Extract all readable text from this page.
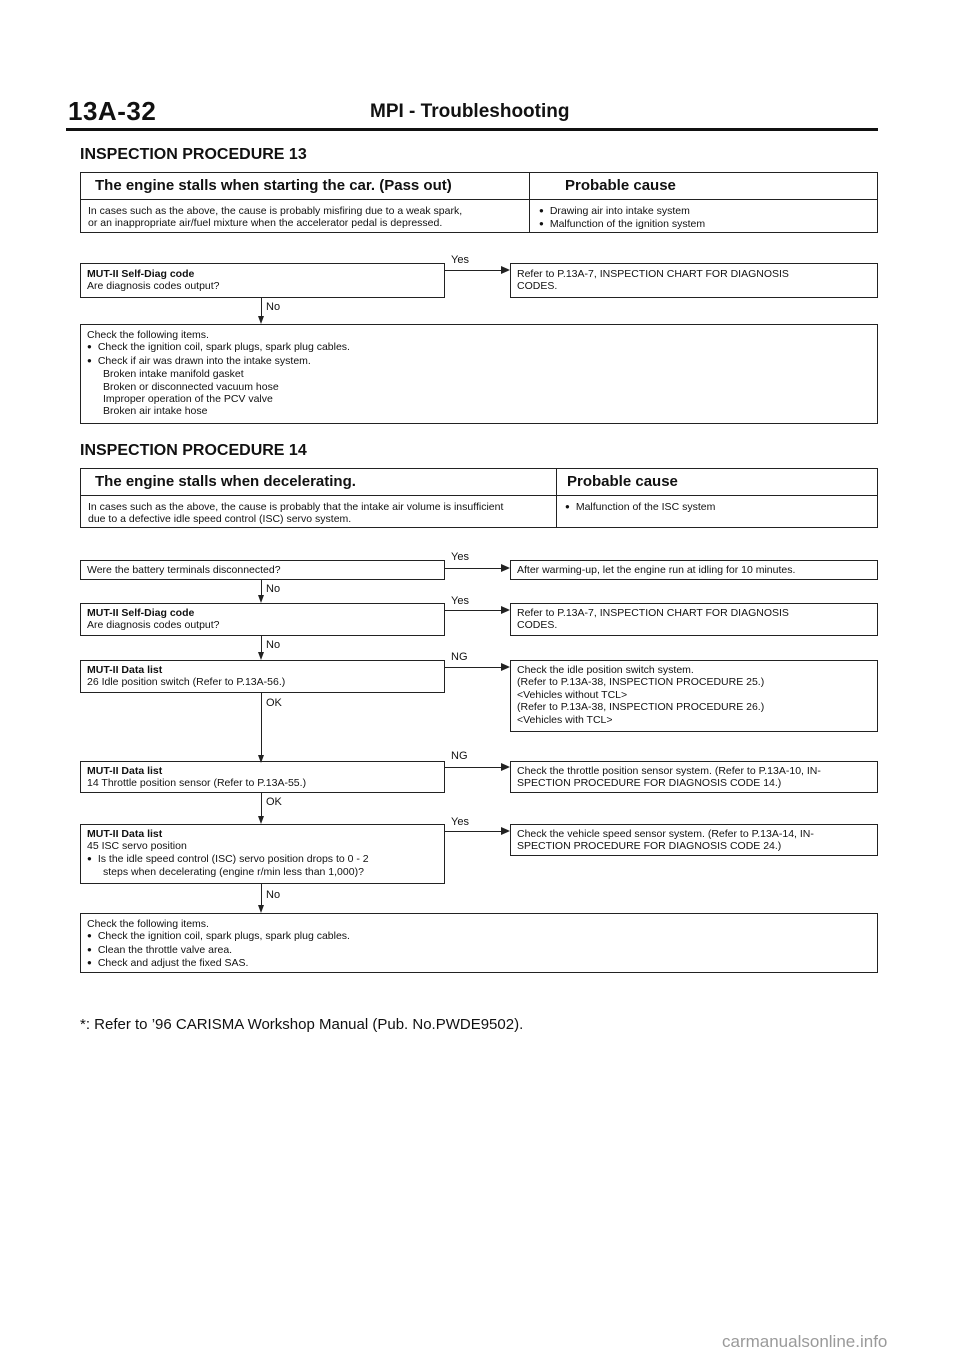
13A-32	MPI - Troubleshooting
INSPECTION PROCEDURE 13
The engine stalls when starting the car. (Pass out)	Probable cause
In cases such as the above, the cause is probably misfiring due to a weak spark,
or an inappropriate air/fuel mixture when the accelerator pedal is depressed.
● Drawing air into intake system
● Malfunction of the ignition system
MUT-II Self-Diag code
Are diagnosis codes output?
Yes
Refer to P.13A-7, INSPECTION CHART FOR DIAGNOSIS
CODES.
No
Check the following items.
● Check the ignition coil, spark plugs, spark plug cables.
● Check if air was drawn into the intake system.
Broken intake manifold gasket
Broken or disconnected vacuum hose
Improper operation of the PCV valve
Broken air intake hose
INSPECTION PROCEDURE 14
The engine stalls when decelerating.	Probable cause
In cases such as the above, the cause is probably that the intake air volume is insufficient
due to a defective idle speed control (ISC) servo system.
● Malfunction of the ISC system
Were the battery terminals disconnected?
Yes
After warming-up, let the engine run at idling for 10 minutes.
No
MUT-II Self-Diag code
Are diagnosis codes output?
Yes
Refer to P.13A-7, INSPECTION CHART FOR DIAGNOSIS
CODES.
No
MUT-II Data list
26 Idle position switch (Refer to P.13A-56.)
NG
Check the idle position switch system.
(Refer to P.13A-38, INSPECTION PROCEDURE 25.)
<Vehicles without TCL>
(Refer to P.13A-38, INSPECTION PROCEDURE 26.)
<Vehicles with TCL>
OK
MUT-II Data list
14 Throttle position sensor (Refer to P.13A-55.)
NG
Check the throttle position sensor system. (Refer to P.13A-10, IN-
SPECTION PROCEDURE FOR DIAGNOSIS CODE 14.)
OK
MUT-II Data list
45 ISC servo position
● Is the idle speed control (ISC) servo position drops to 0 - 2
steps when decelerating (engine r/min less than 1,000)?
Yes
Check the vehicle speed sensor system. (Refer to P.13A-14, IN-
SPECTION PROCEDURE FOR DIAGNOSIS CODE 24.)
No
Check the following items.
● Check the ignition coil, spark plugs, spark plug cables.
● Clean the throttle valve area.
● Check and adjust the fixed SAS.
*: Refer to ’96 CARISMA Workshop Manual (Pub. No.PWDE9502).
carmanualsonline.info
